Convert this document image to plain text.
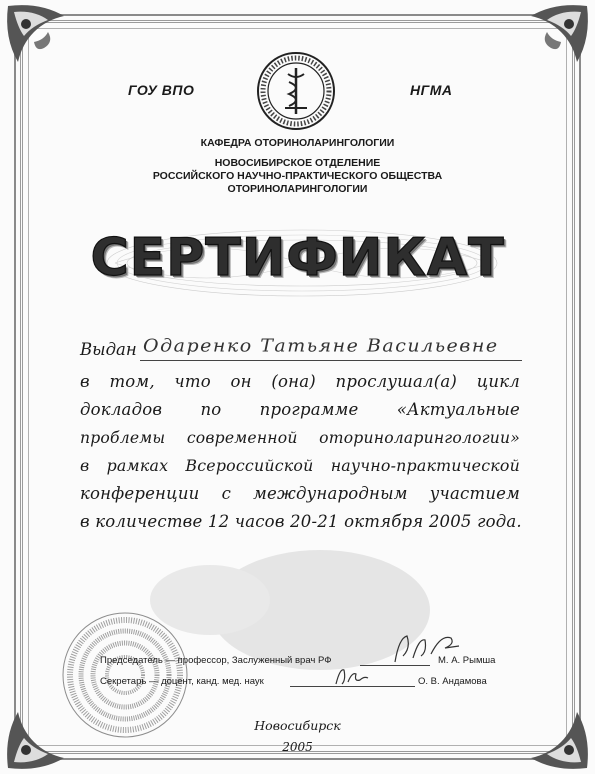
ГОУ ВПО	НГМА
КАФЕДРА ОТОРИНОЛАРИНГОЛОГИИ
НОВОСИБИРСКОЕ ОТДЕЛЕНИЕ
РОССИЙСКОГО НАУЧНО-ПРАКТИЧЕСКОГО ОБЩЕСТВА
ОТОРИНОЛАРИНГОЛОГИИ
СЕРТИФИКАТ
Выдан Одаренко Татьяне Васильевне
в том, что он (она) прослушал(а) цикл
докладов по программе «Актуальные
проблемы современной оториноларингологии»
в рамках Всероссийской научно-практической
конференции с международным участием
в количестве 12 часов 20-21 октября 2005 года.
Председатель — профессор, Заслуженный врач РФ	М. А. Рымша
Секретарь — доцент, канд. мед. наук	О. В. Андамова
Новосибирск
2005
